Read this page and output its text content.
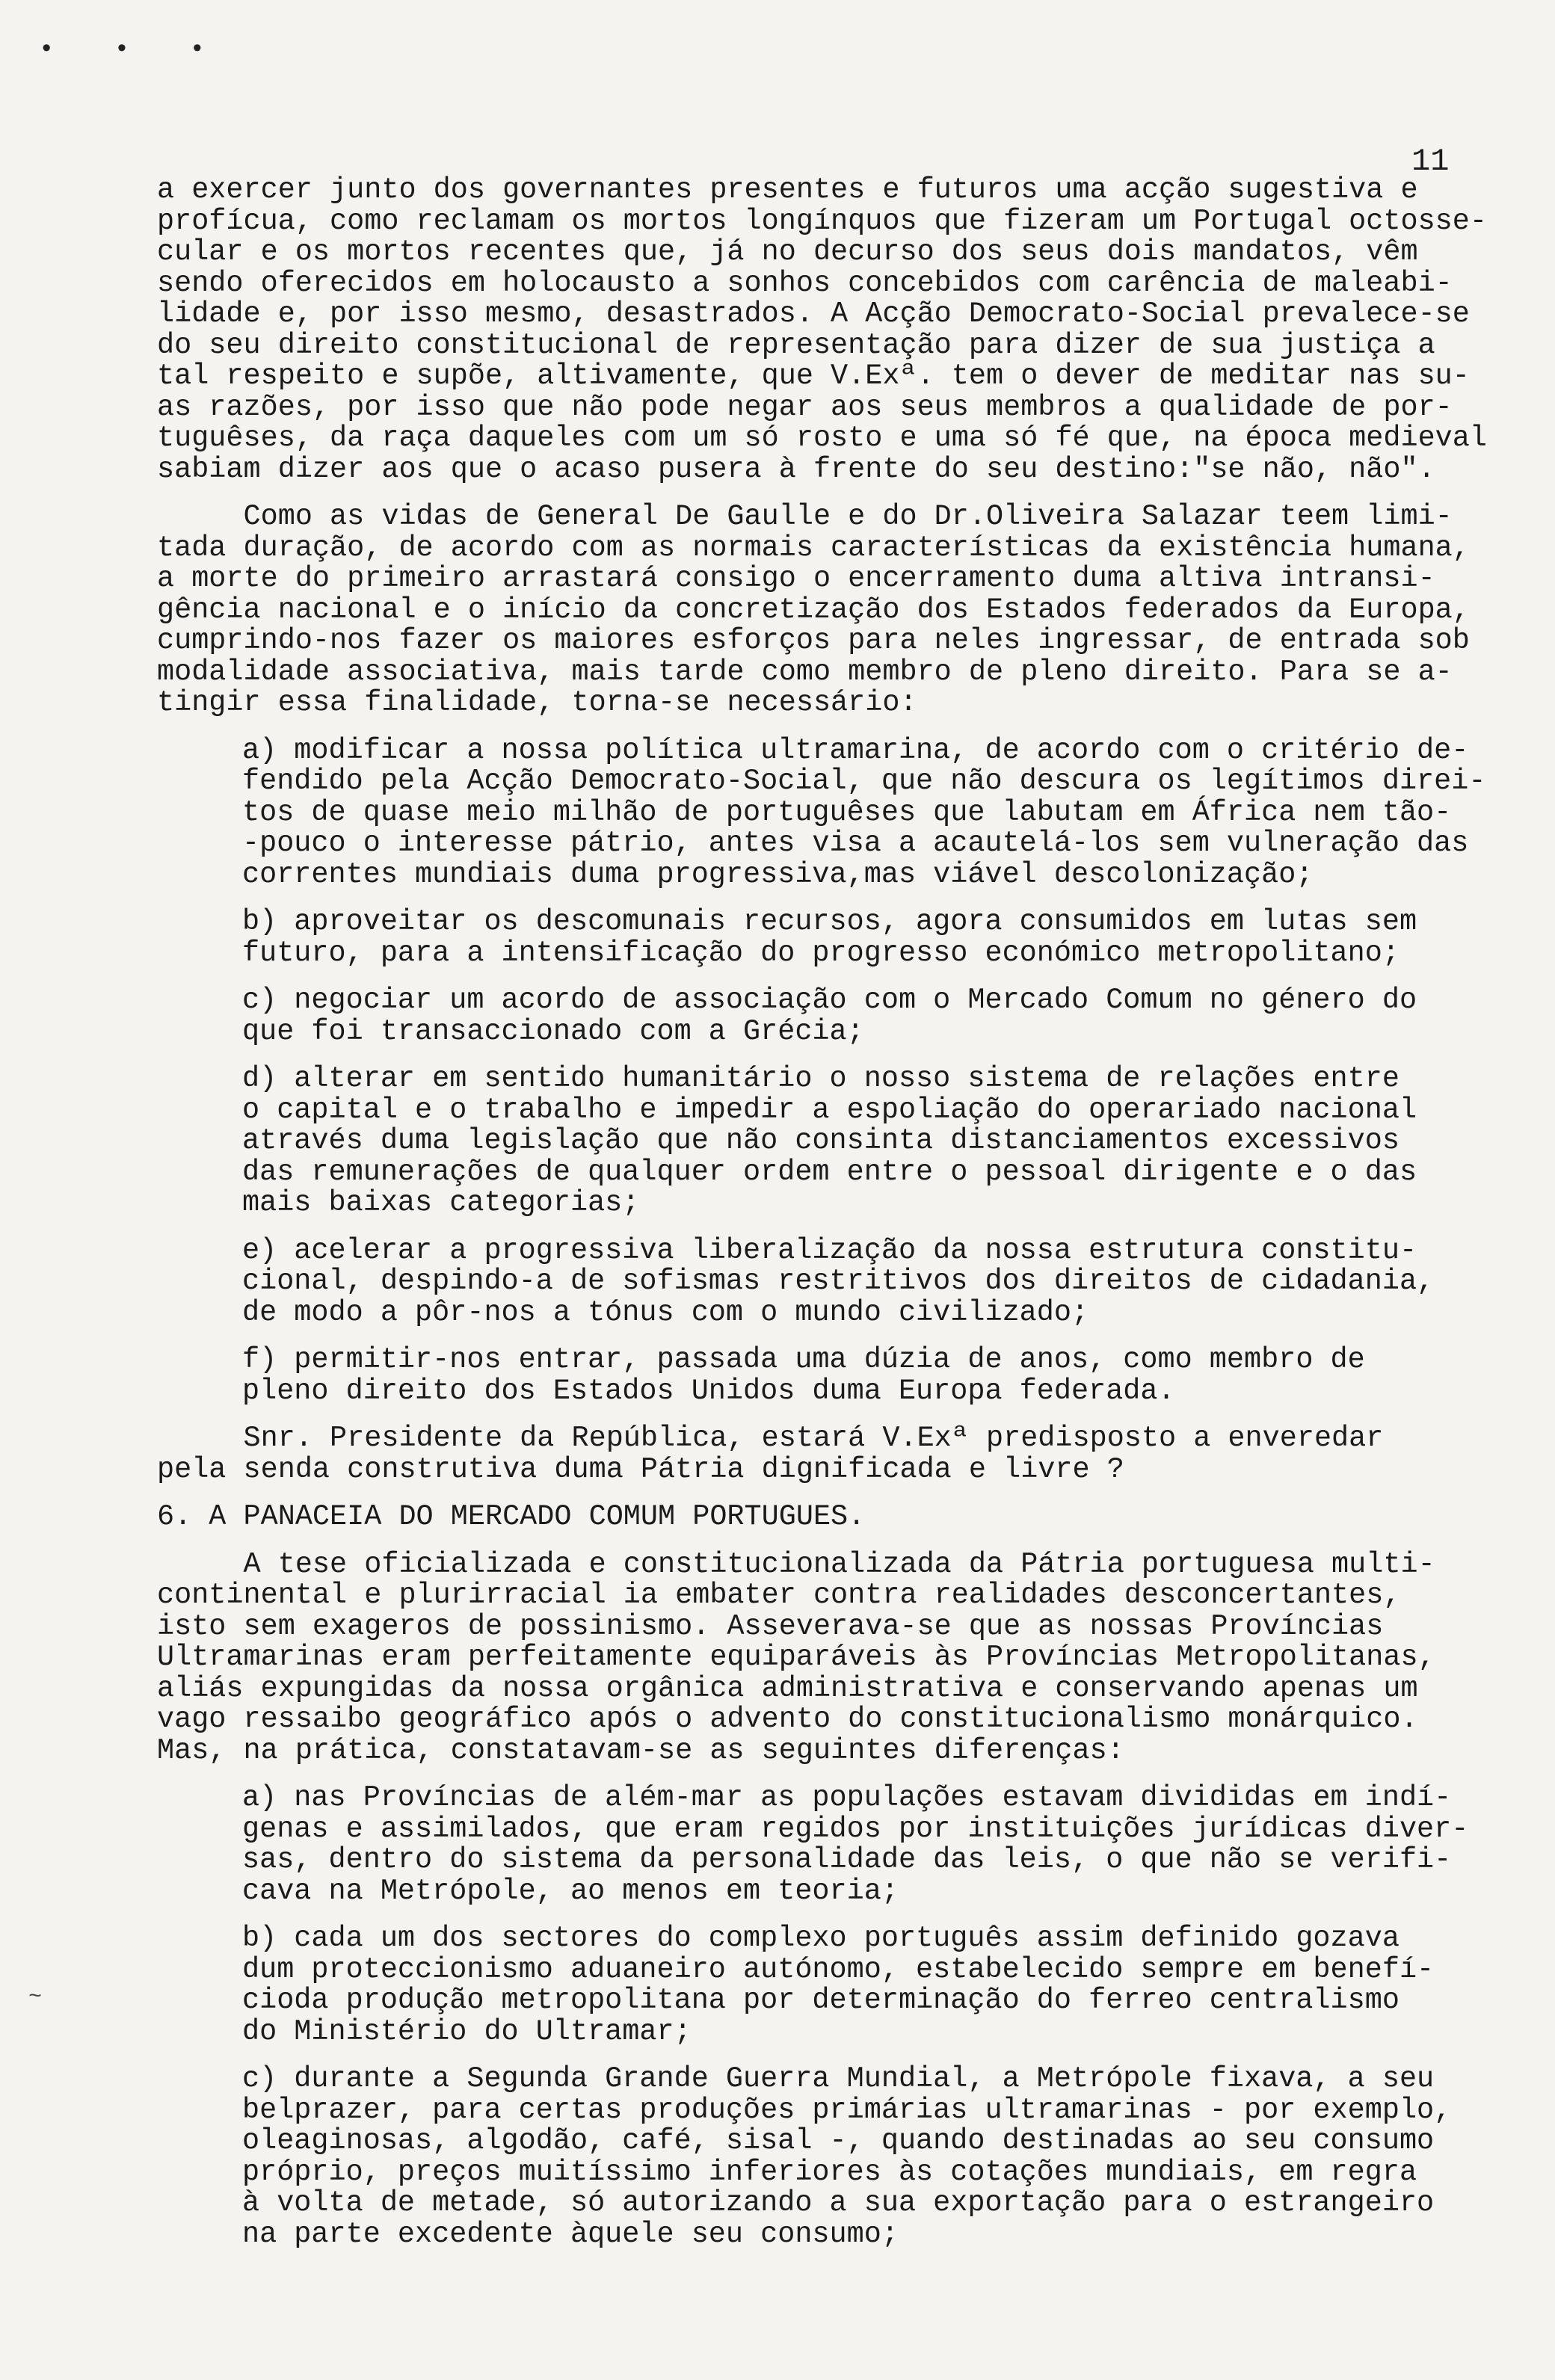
• • •
11
~
a exercer junto dos governantes presentes e futuros uma acção sugestiva e
profícua, como reclamam os mortos longínquos que fizeram um Portugal octosse-
cular e os mortos recentes que, já no decurso dos seus dois mandatos, vêm
sendo oferecidos em holocausto a sonhos concebidos com carência de maleabi-
lidade e, por isso mesmo, desastrados. A Acção Democrato-Social prevalece-se
do seu direito constitucional de representação para dizer de sua justiça a
tal respeito e supõe, altivamente, que V.Exª. tem o dever de meditar nas su-
as razões, por isso que não pode negar aos seus membros a qualidade de por-
tuguêses, da raça daqueles com um só rosto e uma só fé que, na época medieval
sabiam dizer aos que o acaso pusera à frente do seu destino:"se não, não".
Como as vidas de General De Gaulle e do Dr.Oliveira Salazar teem limi-
tada duração, de acordo com as normais características da existência humana,
a morte do primeiro arrastará consigo o encerramento duma altiva intransi-
gência nacional e o início da concretização dos Estados federados da Europa,
cumprindo-nos fazer os maiores esforços para neles ingressar, de entrada sob
modalidade associativa, mais tarde como membro de pleno direito. Para se a-
tingir essa finalidade, torna-se necessário:
a) modificar a nossa política ultramarina, de acordo com o critério de-
fendido pela Acção Democrato-Social, que não descura os legítimos direi-
tos de quase meio milhão de portuguêses que labutam em África nem tão-
-pouco o interesse pátrio, antes visa a acautelá-los sem vulneração das
correntes mundiais duma progressiva,mas viável descolonização;
b) aproveitar os descomunais recursos, agora consumidos em lutas sem
futuro, para a intensificação do progresso económico metropolitano;
c) negociar um acordo de associação com o Mercado Comum no género do
que foi transaccionado com a Grécia;
d) alterar em sentido humanitário o nosso sistema de relações entre
o capital e o trabalho e impedir a espoliação do operariado nacional
através duma legislação que não consinta distanciamentos excessivos
das remunerações de qualquer ordem entre o pessoal dirigente e o das
mais baixas categorias;
e) acelerar a progressiva liberalização da nossa estrutura constitu-
cional, despindo-a de sofismas restritivos dos direitos de cidadania,
de modo a pôr-nos a tónus com o mundo civilizado;
f) permitir-nos entrar, passada uma dúzia de anos, como membro de
pleno direito dos Estados Unidos duma Europa federada.
Snr. Presidente da República, estará V.Exª predisposto a enveredar
pela senda construtiva duma Pátria dignificada e livre ?
6. A PANACEIA DO MERCADO COMUM PORTUGUES.
A tese oficializada e constitucionalizada da Pátria portuguesa multi-
continental e plurirracial ia embater contra realidades desconcertantes,
isto sem exageros de possinismo. Asseverava-se que as nossas Províncias
Ultramarinas eram perfeitamente equiparáveis às Províncias Metropolitanas,
aliás expungidas da nossa orgânica administrativa e conservando apenas um
vago ressaibo geográfico após o advento do constitucionalismo monárquico.
Mas, na prática, constatavam-se as seguintes diferenças:
a) nas Províncias de além-mar as populações estavam divididas em indí-
genas e assimilados, que eram regidos por instituições jurídicas diver-
sas, dentro do sistema da personalidade das leis, o que não se verifi-
cava na Metrópole, ao menos em teoria;
b) cada um dos sectores do complexo português assim definido gozava
dum proteccionismo aduaneiro autónomo, estabelecido sempre em benefí-
cioda produção metropolitana por determinação do ferreo centralismo
do Ministério do Ultramar;
c) durante a Segunda Grande Guerra Mundial, a Metrópole fixava, a seu
belprazer, para certas produções primárias ultramarinas - por exemplo,
oleaginosas, algodão, café, sisal -, quando destinadas ao seu consumo
próprio, preços muitíssimo inferiores às cotações mundiais, em regra
à volta de metade, só autorizando a sua exportação para o estrangeiro
na parte excedente àquele seu consumo;
